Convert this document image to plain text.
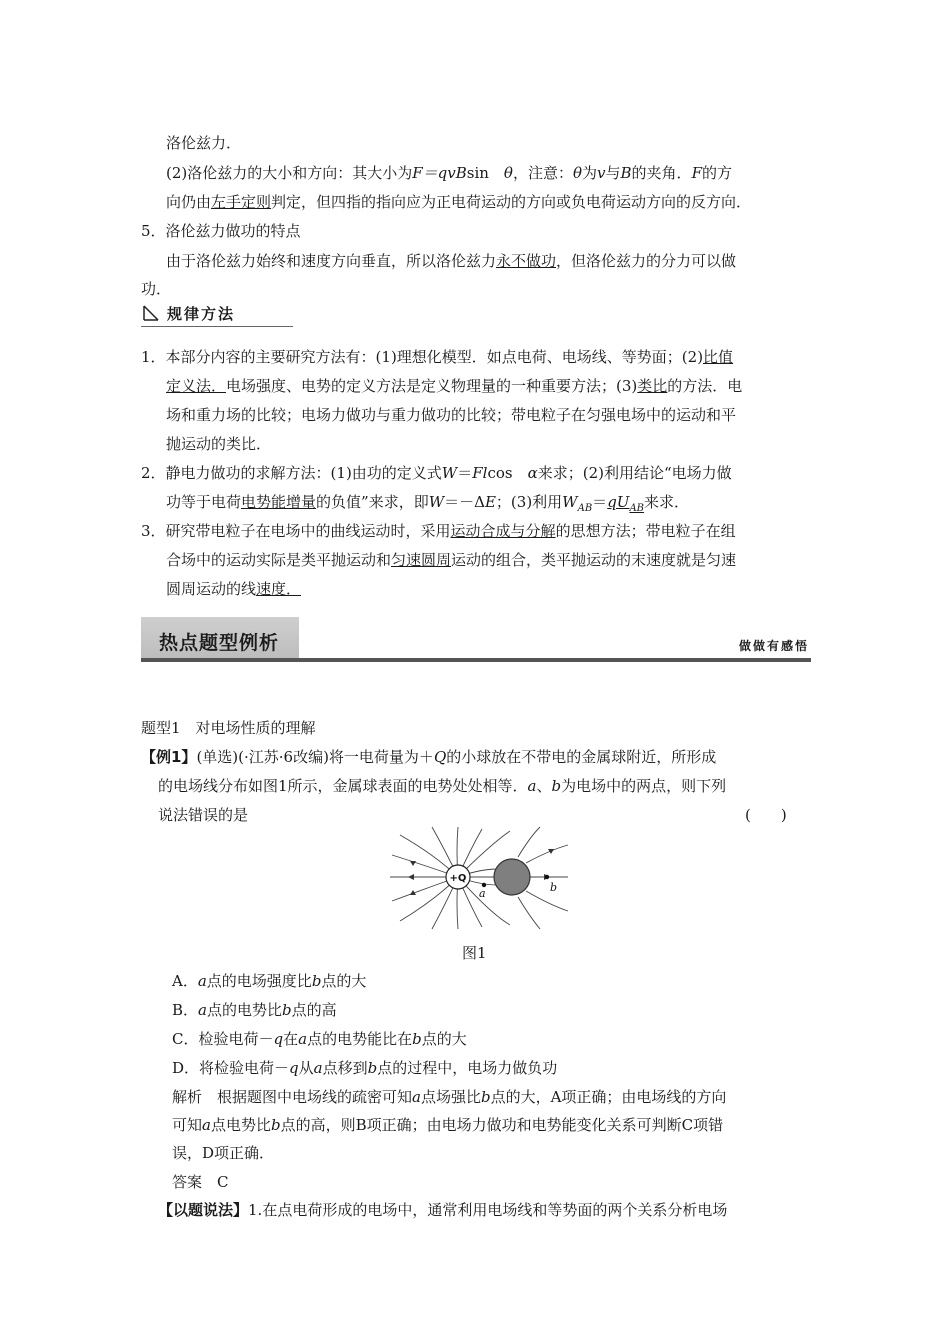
洛伦兹力．
(2)洛伦兹力的大小和方向：其大小为F＝qvBsin　θ，注意：θ为v与B的夹角．F的方
向仍由左手定则判定，但四指的指向应为正电荷运动的方向或负电荷运动方向的反方向．
5．洛伦兹力做功的特点
由于洛伦兹力始终和速度方向垂直，所以洛伦兹力永不做功，但洛伦兹力的分力可以做
功．
规律方法
1．本部分内容的主要研究方法有：(1)理想化模型．如点电荷、电场线、等势面；(2)比值
定义法．电场强度、电势的定义方法是定义物理量的一种重要方法；(3)类比的方法．电
场和重力场的比较；电场力做功与重力做功的比较；带电粒子在匀强电场中的运动和平
抛运动的类比．
2．静电力做功的求解方法：(1)由功的定义式W＝Flcos　α来求；(2)利用结论“电场力做
功等于电荷电势能增量的负值”来求，即W＝－ΔE；(3)利用$W_{AB}=qU_{AB}$来求．
3．研究带电粒子在电场中的曲线运动时，采用运动合成与分解的思想方法；带电粒子在组
合场中的运动实际是类平抛运动和匀速圆周运动的组合，类平抛运动的末速度就是匀速
圆周运动的线速度．
热点题型例析	做做有感悟
题型1　对电场性质的理解
【例1】(单选)(·江苏·6改编)将一电荷量为＋Q的小球放在不带电的金属球附近，所形成
的电场线分布如图1所示，金属球表面的电势处处相等．a、b为电场中的两点，则下列
说法错误的是	(　　)
+Q
a	b
图1
A．a点的电场强度比b点的大
B．a点的电势比b点的高
C．检验电荷－q在a点的电势能比在b点的大
D．将检验电荷－q从a点移到b点的过程中，电场力做负功
解析　根据题图中电场线的疏密可知a点场强比b点的大，A项正确；由电场线的方向
可知a点电势比b点的高，则B项正确；由电场力做功和电势能变化关系可判断C项错
误，D项正确．
答案　C
【以题说法】1.在点电荷形成的电场中，通常利用电场线和等势面的两个关系分析电场
